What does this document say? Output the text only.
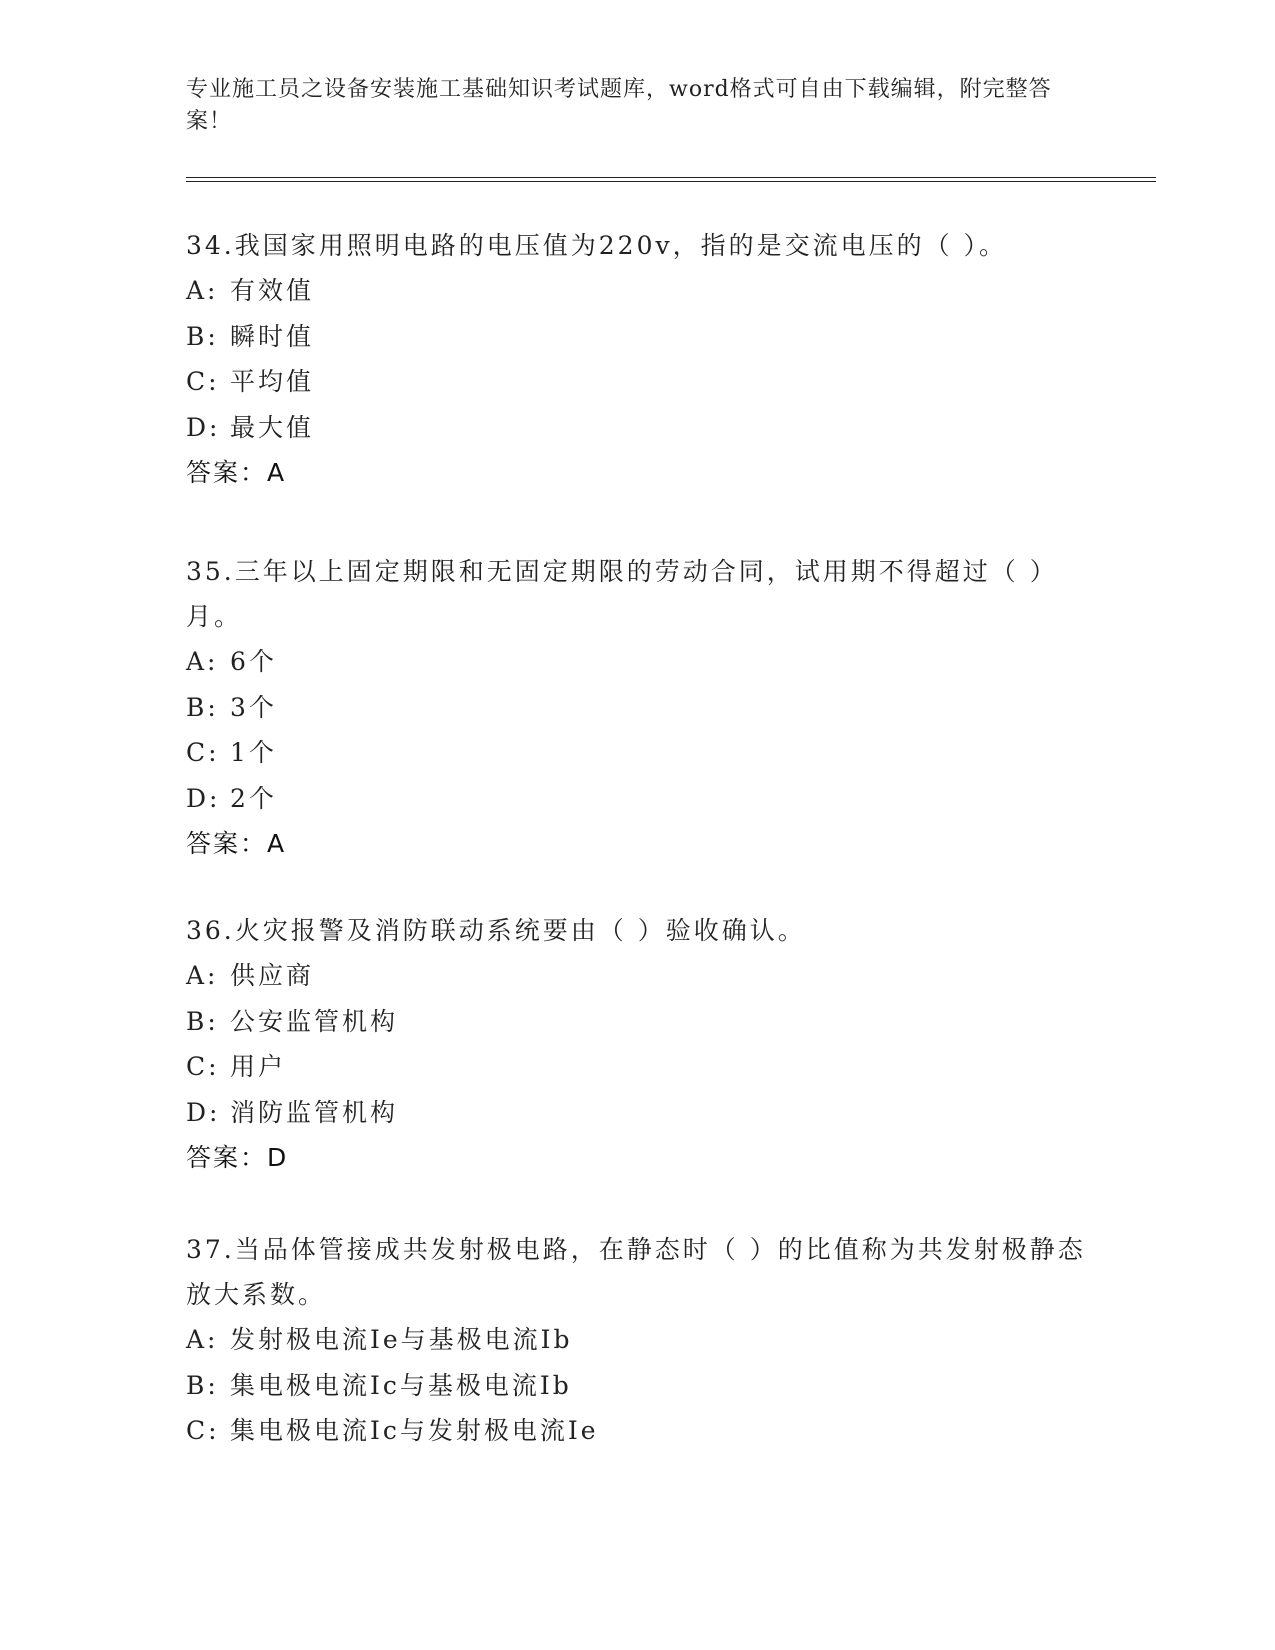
专业施工员之设备安装施工基础知识考试题库，word格式可自由下载编辑，附完整答案！

34.我国家用照明电路的电压值为220v，指的是交流电压的（ ）。

A: 有效值

B: 瞬时值

C: 平均值

D: 最大值

答案：A

35.三年以上固定期限和无固定期限的劳动合同，试用期不得超过（ ）月。

A: 6个

B: 3个

C: 1个

D: 2个

答案：A

36.火灾报警及消防联动系统要由（ ）验收确认。

A: 供应商

B: 公安监管机构

C: 用户

D: 消防监管机构

答案：D

37.当品体管接成共发射极电路，在静态时（ ）的比值称为共发射极静态放大系数。

A: 发射极电流Ie与基极电流Ib

B: 集电极电流Ic与基极电流Ib

C: 集电极电流Ic与发射极电流Ie
